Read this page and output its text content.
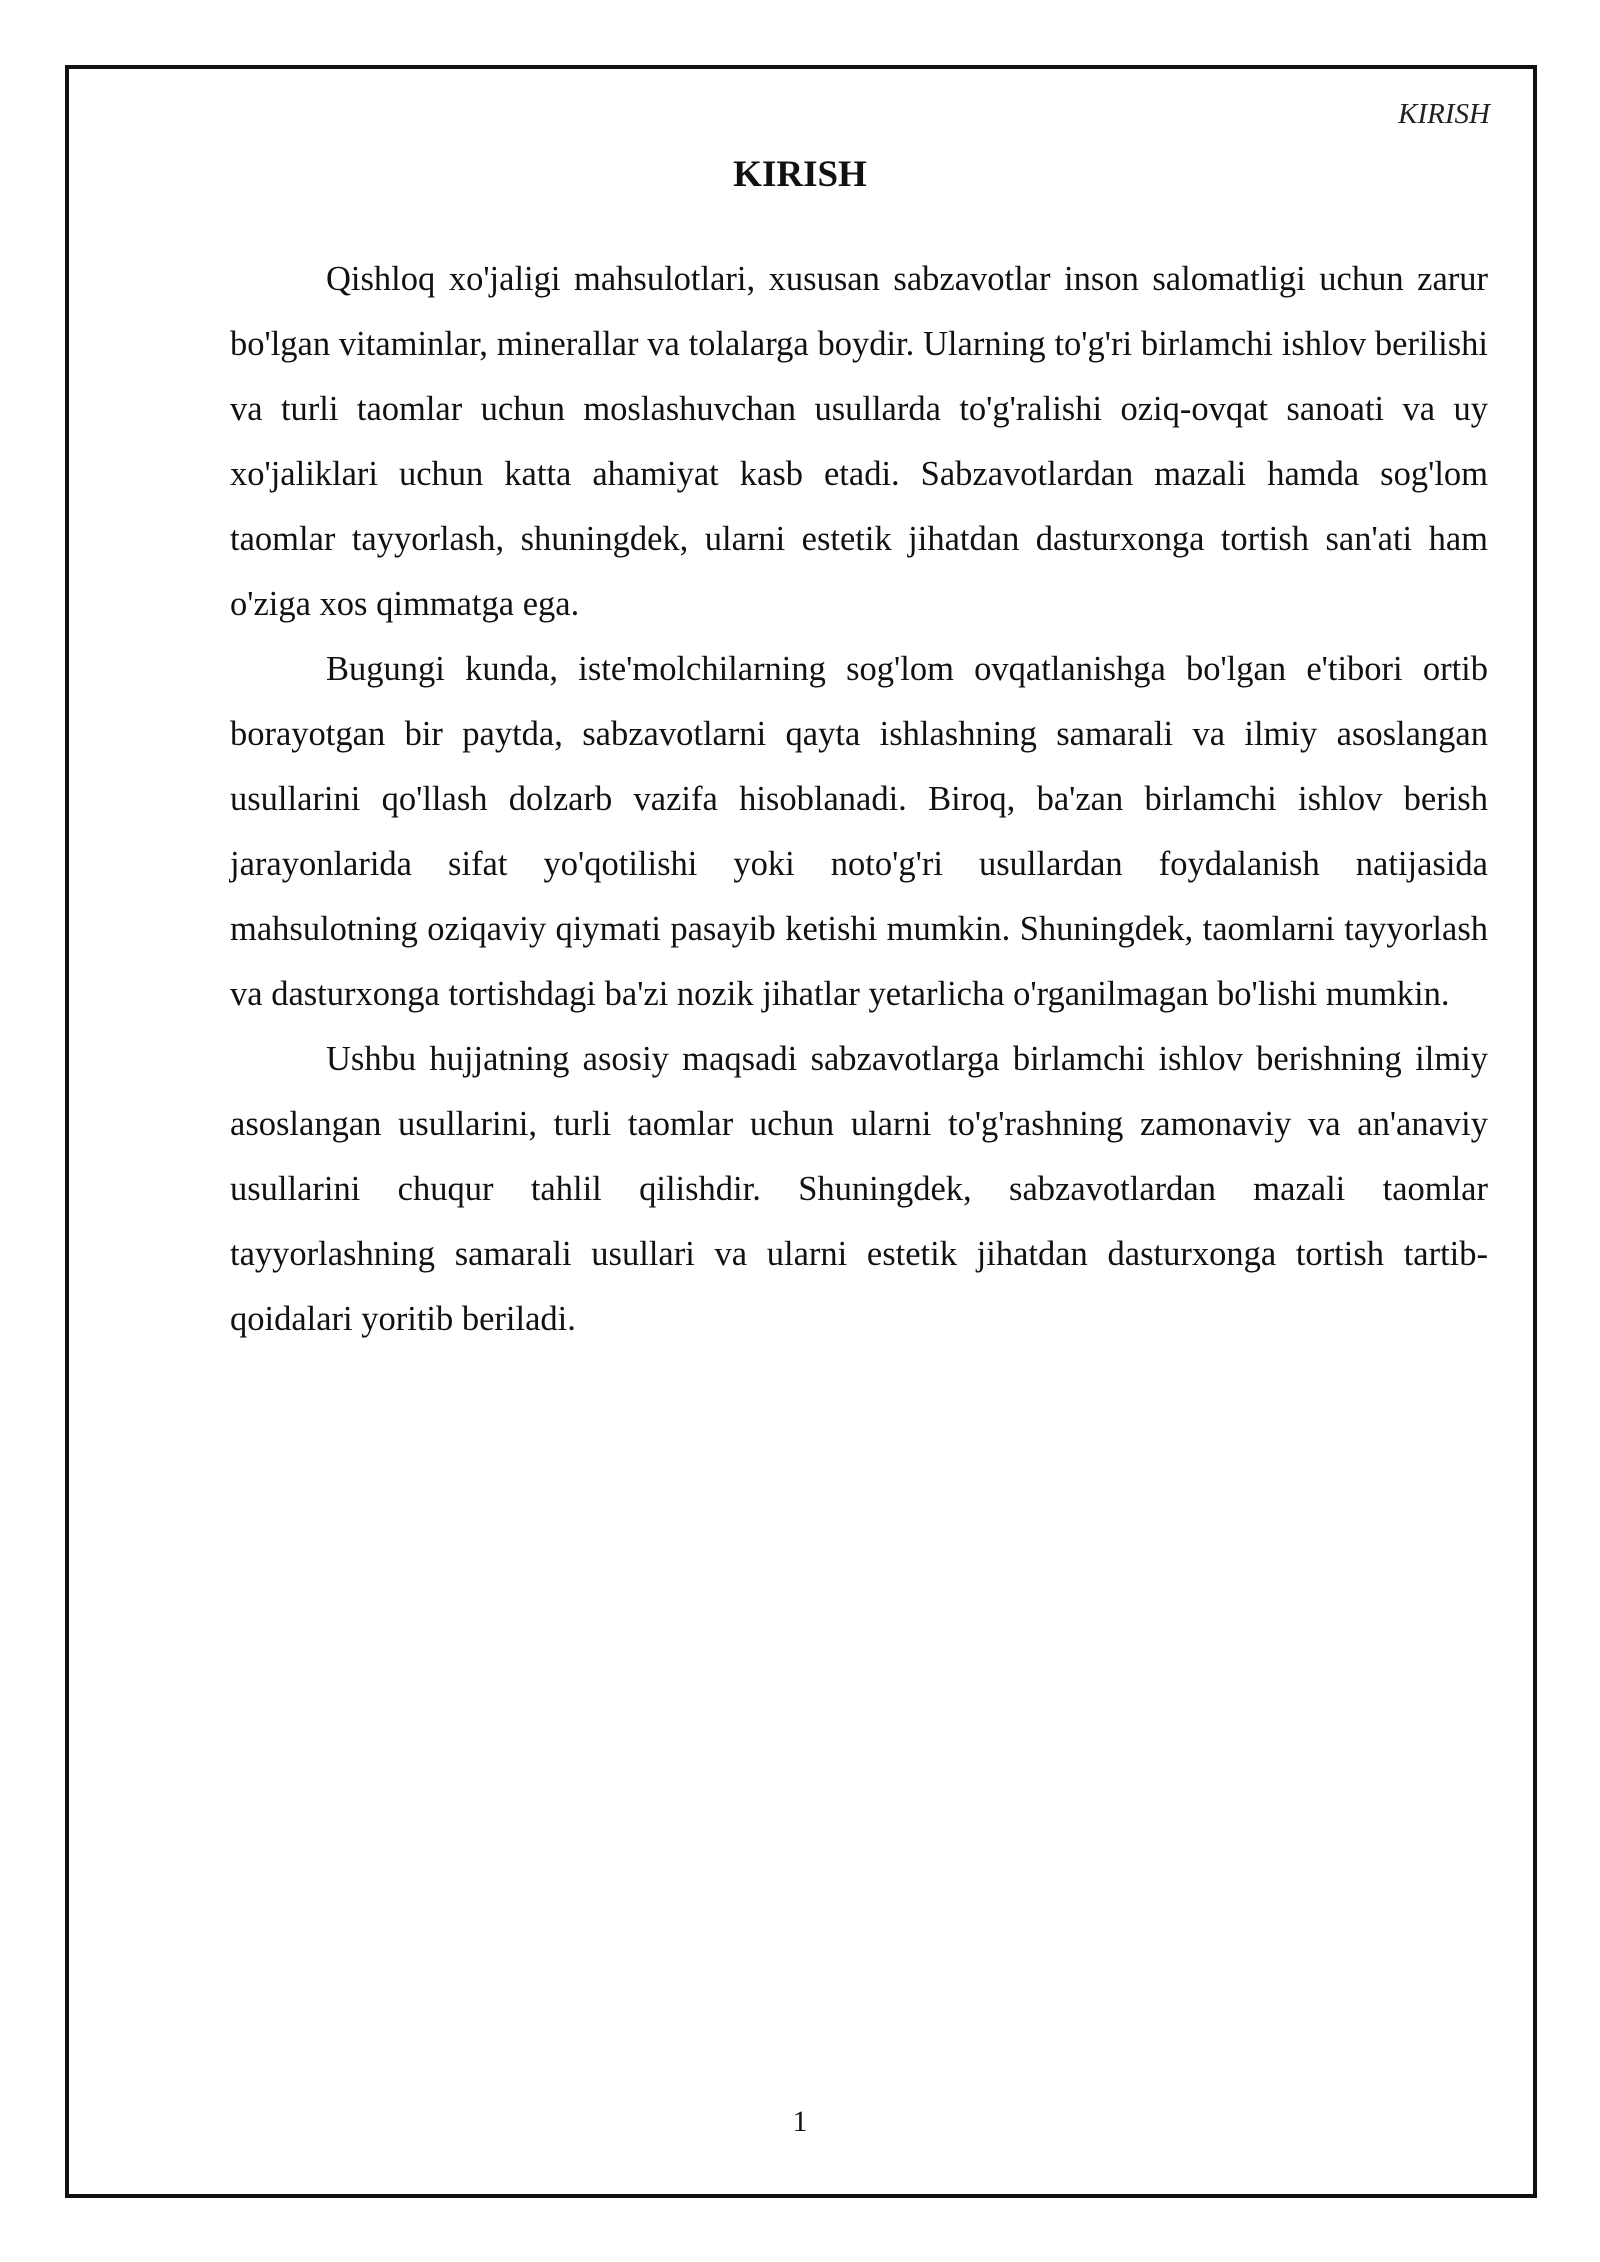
KIRISH
KIRISH

Qishloq xo'jaligi mahsulotlari, xususan sabzavotlar inson salomatligi uchun zarur bo'lgan vitaminlar, minerallar va tolalarga boydir. Ularning to'g'ri birlamchi ishlov berilishi va turli taomlar uchun moslashuvchan usullarda to'g'ralishi oziq-ovqat sanoati va uy xo'jaliklari uchun katta ahamiyat kasb etadi. Sabzavotlardan mazali hamda sog'lom taomlar tayyorlash, shuningdek, ularni estetik jihatdan dasturxonga tortish san'ati ham o'ziga xos qimmatga ega.

Bugungi kunda, iste'molchilarning sog'lom ovqatlanishga bo'lgan e'tibori ortib borayotgan bir paytda, sabzavotlarni qayta ishlashning samarali va ilmiy asoslangan usullarini qo'llash dolzarb vazifa hisoblanadi. Biroq, ba'zan birlamchi ishlov berish jarayonlarida sifat yo'qotilishi yoki noto'g'ri usullardan foydalanish natijasida mahsulotning oziqaviy qiymati pasayib ketishi mumkin. Shuningdek, taomlarni tayyorlash va dasturxonga tortishdagi ba'zi nozik jihatlar yetarlicha o'rganilmagan bo'lishi mumkin.

Ushbu hujjatning asosiy maqsadi sabzavotlarga birlamchi ishlov berishning ilmiy asoslangan usullarini, turli taomlar uchun ularni to'g'rashning zamonaviy va an'anaviy usullarini chuqur tahlil qilishdir. Shuningdek, sabzavotlardan mazali taomlar tayyorlashning samarali usullari va ularni estetik jihatdan dasturxonga tortish tartib-qoidalari yoritib beriladi.

1
